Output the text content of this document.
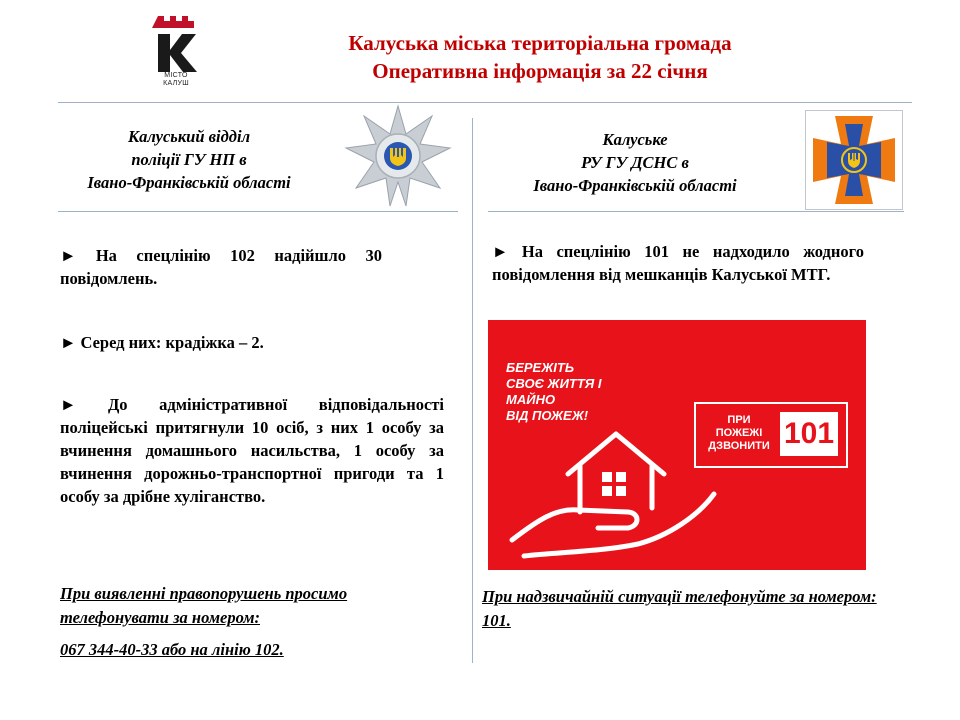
МІСТО
КАЛУШ
Калуська міська територіальна громада
Оперативна інформація за 22 січня
Калуський відділ
поліції ГУ НП в
Івано-Франківській області
► На спецлінію 102 надійшло 30 повідомлень.
► Серед них: крадіжка – 2.
► До адміністративної відповідальності поліцейські притягнули 10 осіб, з них 1 особу за вчинення домашнього насильства, 1 особу за вчинення дорожньо-транспортної пригоди та 1 особу за дрібне хуліганство.
При виявленні правопорушень просимо телефонувати за номером:
067 344-40-33 або на лінію 102.
Калуське
РУ ГУ ДСНС в
Івано-Франківській області
► На спецлінію 101 не надходило жодного повідомлення від мешканців Калуської МТГ.
БЕРЕЖІТЬ
СВОЄ ЖИТТЯ І МАЙНО
ВІД ПОЖЕЖ!	ПРИ
ПОЖЕЖІ
ДЗВОНИТИ 101
При надзвичайній ситуації телефонуйте за номером: 101.
